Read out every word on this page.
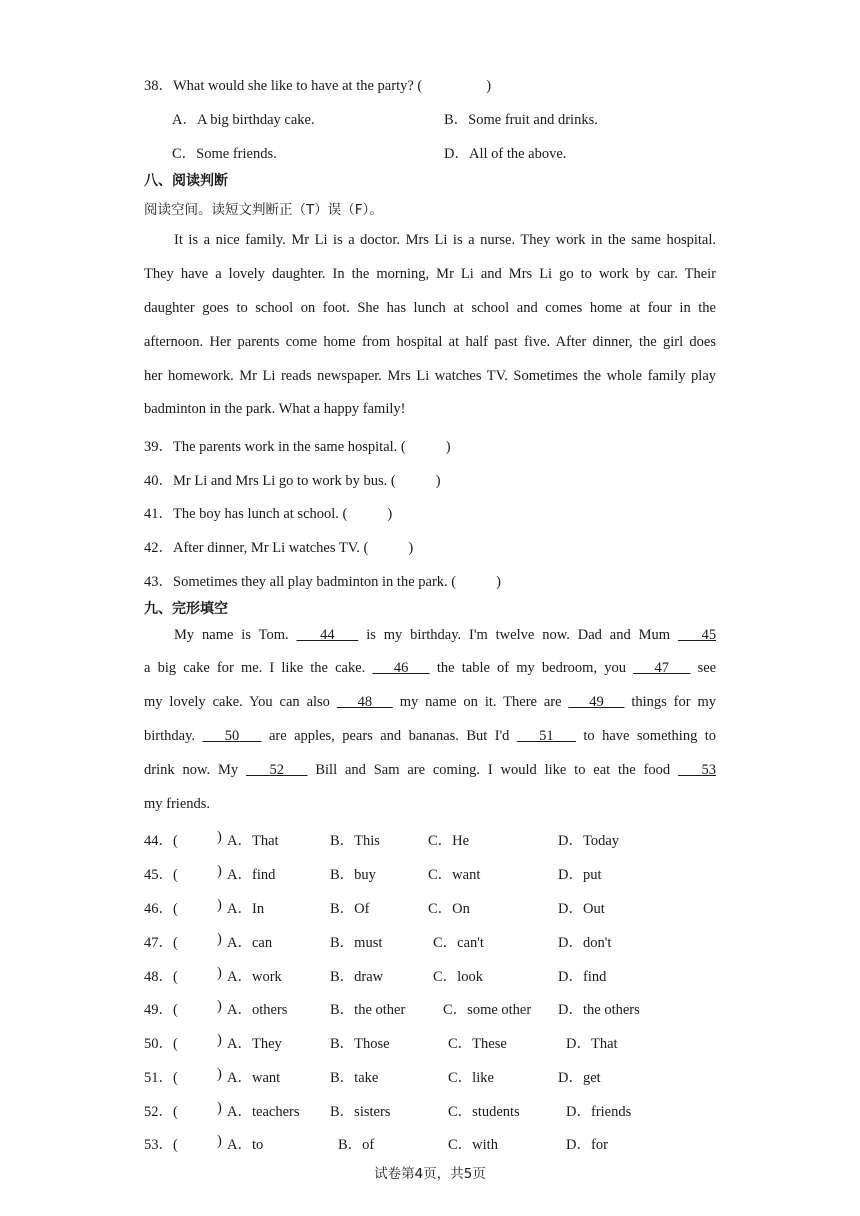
38．What would she like to have at the party? (	)
A．A big birthday cake.	B．Some fruit and drinks.
C．Some friends.	D．All of the above.
八、阅读判断
阅读空间。读短文判断正（T）误（F）。
It is a nice family. Mr Li is a doctor. Mrs Li is a nurse. They work in the same hospital.
They have a lovely daughter. In the morning, Mr Li and Mrs Li go to work by car. Their
daughter goes to school on foot. She has lunch at school and comes home at four in the
afternoon. Her parents come home from hospital at half past five. After dinner, the girl does
her homework. Mr Li reads newspaper. Mrs Li watches TV. Sometimes the whole family play
badminton in the park. What a happy family!
39．The parents work in the same hospital. (	)
40．Mr Li and Mrs Li go to work by bus. (	)
41．The boy has lunch at school. (	)
42．After dinner, Mr Li watches TV. (	)
43．Sometimes they all play badminton in the park. (	)
九、完形填空
My name is Tom. 44 is my birthday. I'm twelve now. Dad and Mum 45
a big cake for me. I like the cake. 46 the table of my bedroom, you 47 see
my lovely cake. You can also 48 my name on it. There are 49 things for my
birthday. 50 are apples, pears and bananas. But I'd 51 to have something to
drink now. My 52 Bill and Sam are coming. I would like to eat the food 53
my friends.
44．(	) A．That	B．This	C．He	D．Today
45．(	) A．find	B．buy	C．want	D．put
46．(	) A．In	B．Of	C．On	D．Out
47．(	) A．can	B．must	C．can't	D．don't
48．(	) A．work	B．draw	C．look	D．find
49．(	) A．others	B．the other	C．some other D．the others
50．(	) A．They	B．Those	C．These	D．That
51．(	) A．want	B．take	C．like	D．get
52．(	) A．teachers B．sisters	C．students	D．friends
53．(	) A．to	B．of	C．with	D．for
试卷第4页，共5页
